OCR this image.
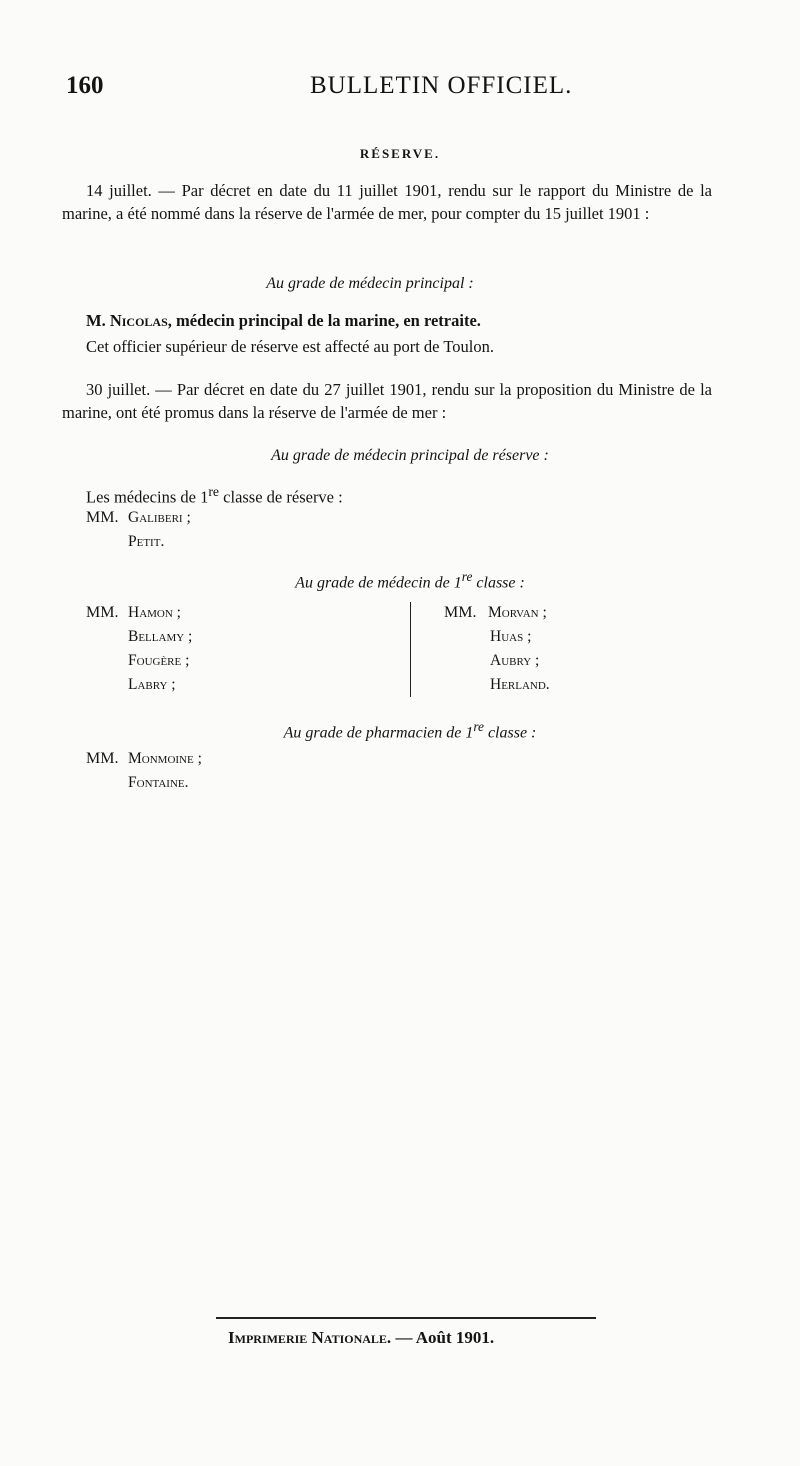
160	BULLETIN OFFICIEL.
RÉSERVE.
14 juillet. — Par décret en date du 11 juillet 1901, rendu sur le rapport du Ministre de la marine, a été nommé dans la réserve de l'armée de mer, pour compter du 15 juillet 1901 :
Au grade de médecin principal :
M. Nicolas, médecin principal de la marine, en retraite.
Cet officier supérieur de réserve est affecté au port de Toulon.
30 juillet. — Par décret en date du 27 juillet 1901, rendu sur la proposition du Ministre de la marine, ont été promus dans la réserve de l'armée de mer :
Au grade de médecin principal de réserve :
Les médecins de 1re classe de réserve :
MM. Galiberi ;
Petit.
Au grade de médecin de 1re classe :
MM. Hamon ;
Bellamy ;
Fougère ;
Labry ;
MM. Morvan ;
Huas ;
Aubry ;
Herland.
Au grade de pharmacien de 1re classe :
MM. Monmoine ;
Fontaine.
Imprimerie Nationale. — Août 1901.
